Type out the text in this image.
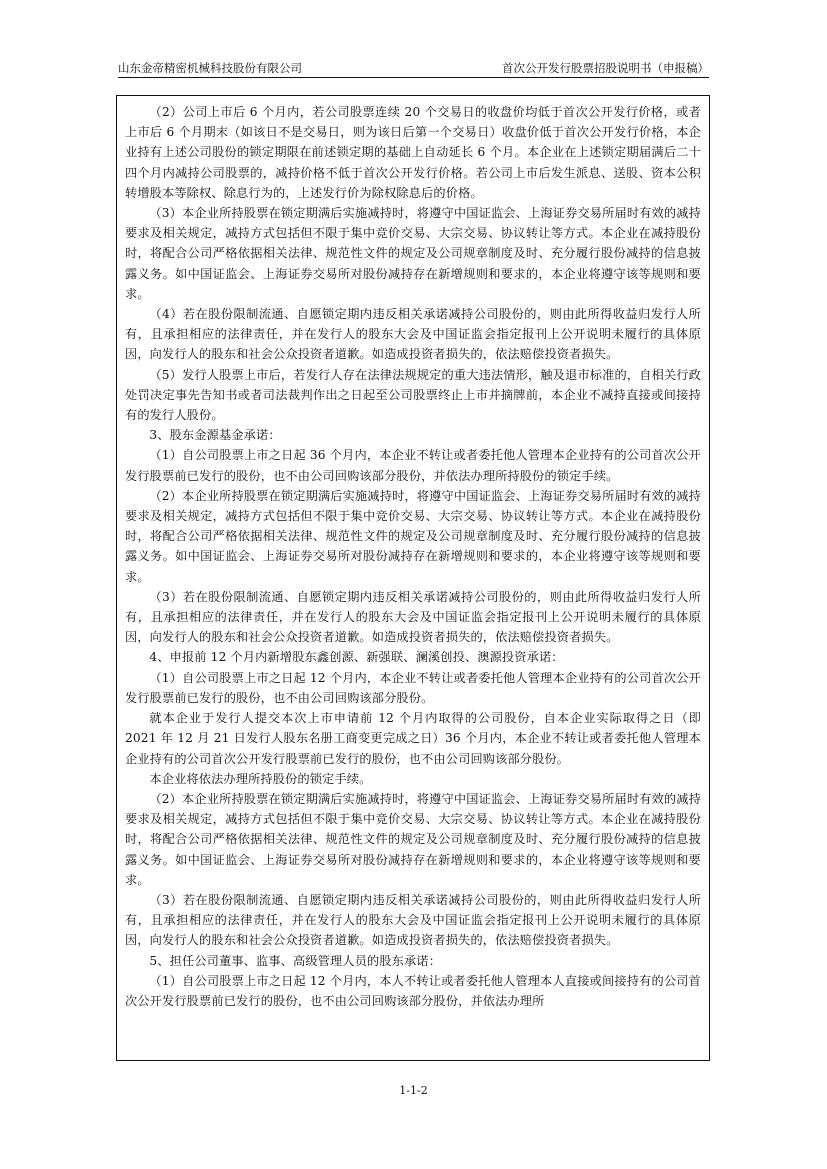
山东金帝精密机械科技股份有限公司	首次公开发行股票招股说明书（申报稿）

（2）公司上市后 6 个月内，若公司股票连续 20 个交易日的收盘价均低于首次公开发行价格，或者上市后 6 个月期末（如该日不是交易日，则为该日后第一个交易日）收盘价低于首次公开发行价格，本企业持有上述公司股份的锁定期限在前述锁定期的基础上自动延长 6 个月。本企业在上述锁定期届满后二十四个月内减持公司股票的，减持价格不低于首次公开发行价格。若公司上市后发生派息、送股、资本公积转增股本等除权、除息行为的，上述发行价为除权除息后的价格。

（3）本企业所持股票在锁定期满后实施减持时，将遵守中国证监会、上海证券交易所届时有效的减持要求及相关规定，减持方式包括但不限于集中竞价交易、大宗交易、协议转让等方式。本企业在减持股份时，将配合公司严格依据相关法律、规范性文件的规定及公司规章制度及时、充分履行股份减持的信息披露义务。如中国证监会、上海证券交易所对股份减持存在新增规则和要求的，本企业将遵守该等规则和要求。

（4）若在股份限制流通、自愿锁定期内违反相关承诺减持公司股份的，则由此所得收益归发行人所有，且承担相应的法律责任，并在发行人的股东大会及中国证监会指定报刊上公开说明未履行的具体原因，向发行人的股东和社会公众投资者道歉。如造成投资者损失的，依法赔偿投资者损失。

（5）发行人股票上市后，若发行人存在法律法规规定的重大违法情形，触及退市标准的，自相关行政处罚决定事先告知书或者司法裁判作出之日起至公司股票终止上市并摘牌前，本企业不减持直接或间接持有的发行人股份。

3、股东金源基金承诺：

（1）自公司股票上市之日起 36 个月内，本企业不转让或者委托他人管理本企业持有的公司首次公开发行股票前已发行的股份，也不由公司回购该部分股份，并依法办理所持股份的锁定手续。

（2）本企业所持股票在锁定期满后实施减持时，将遵守中国证监会、上海证券交易所届时有效的减持要求及相关规定，减持方式包括但不限于集中竞价交易、大宗交易、协议转让等方式。本企业在减持股份时，将配合公司严格依据相关法律、规范性文件的规定及公司规章制度及时、充分履行股份减持的信息披露义务。如中国证监会、上海证券交易所对股份减持存在新增规则和要求的，本企业将遵守该等规则和要求。

（3）若在股份限制流通、自愿锁定期内违反相关承诺减持公司股份的，则由此所得收益归发行人所有，且承担相应的法律责任，并在发行人的股东大会及中国证监会指定报刊上公开说明未履行的具体原因，向发行人的股东和社会公众投资者道歉。如造成投资者损失的，依法赔偿投资者损失。

4、申报前 12 个月内新增股东鑫创源、新强联、澜溪创投、澳源投资承诺：

（1）自公司股票上市之日起 12 个月内，本企业不转让或者委托他人管理本企业持有的公司首次公开发行股票前已发行的股份，也不由公司回购该部分股份。

就本企业于发行人提交本次上市申请前 12 个月内取得的公司股份，自本企业实际取得之日（即 2021 年 12 月 21 日发行人股东名册工商变更完成之日）36 个月内，本企业不转让或者委托他人管理本企业持有的公司首次公开发行股票前已发行的股份，也不由公司回购该部分股份。

本企业将依法办理所持股份的锁定手续。

（2）本企业所持股票在锁定期满后实施减持时，将遵守中国证监会、上海证券交易所届时有效的减持要求及相关规定，减持方式包括但不限于集中竞价交易、大宗交易、协议转让等方式。本企业在减持股份时，将配合公司严格依据相关法律、规范性文件的规定及公司规章制度及时、充分履行股份减持的信息披露义务。如中国证监会、上海证券交易所对股份减持存在新增规则和要求的，本企业将遵守该等规则和要求。

（3）若在股份限制流通、自愿锁定期内违反相关承诺减持公司股份的，则由此所得收益归发行人所有，且承担相应的法律责任，并在发行人的股东大会及中国证监会指定报刊上公开说明未履行的具体原因，向发行人的股东和社会公众投资者道歉。如造成投资者损失的，依法赔偿投资者损失。

5、担任公司董事、监事、高级管理人员的股东承诺：

（1）自公司股票上市之日起 12 个月内，本人不转让或者委托他人管理本人直接或间接持有的公司首次公开发行股票前已发行的股份，也不由公司回购该部分股份，并依法办理所

1-1-2
